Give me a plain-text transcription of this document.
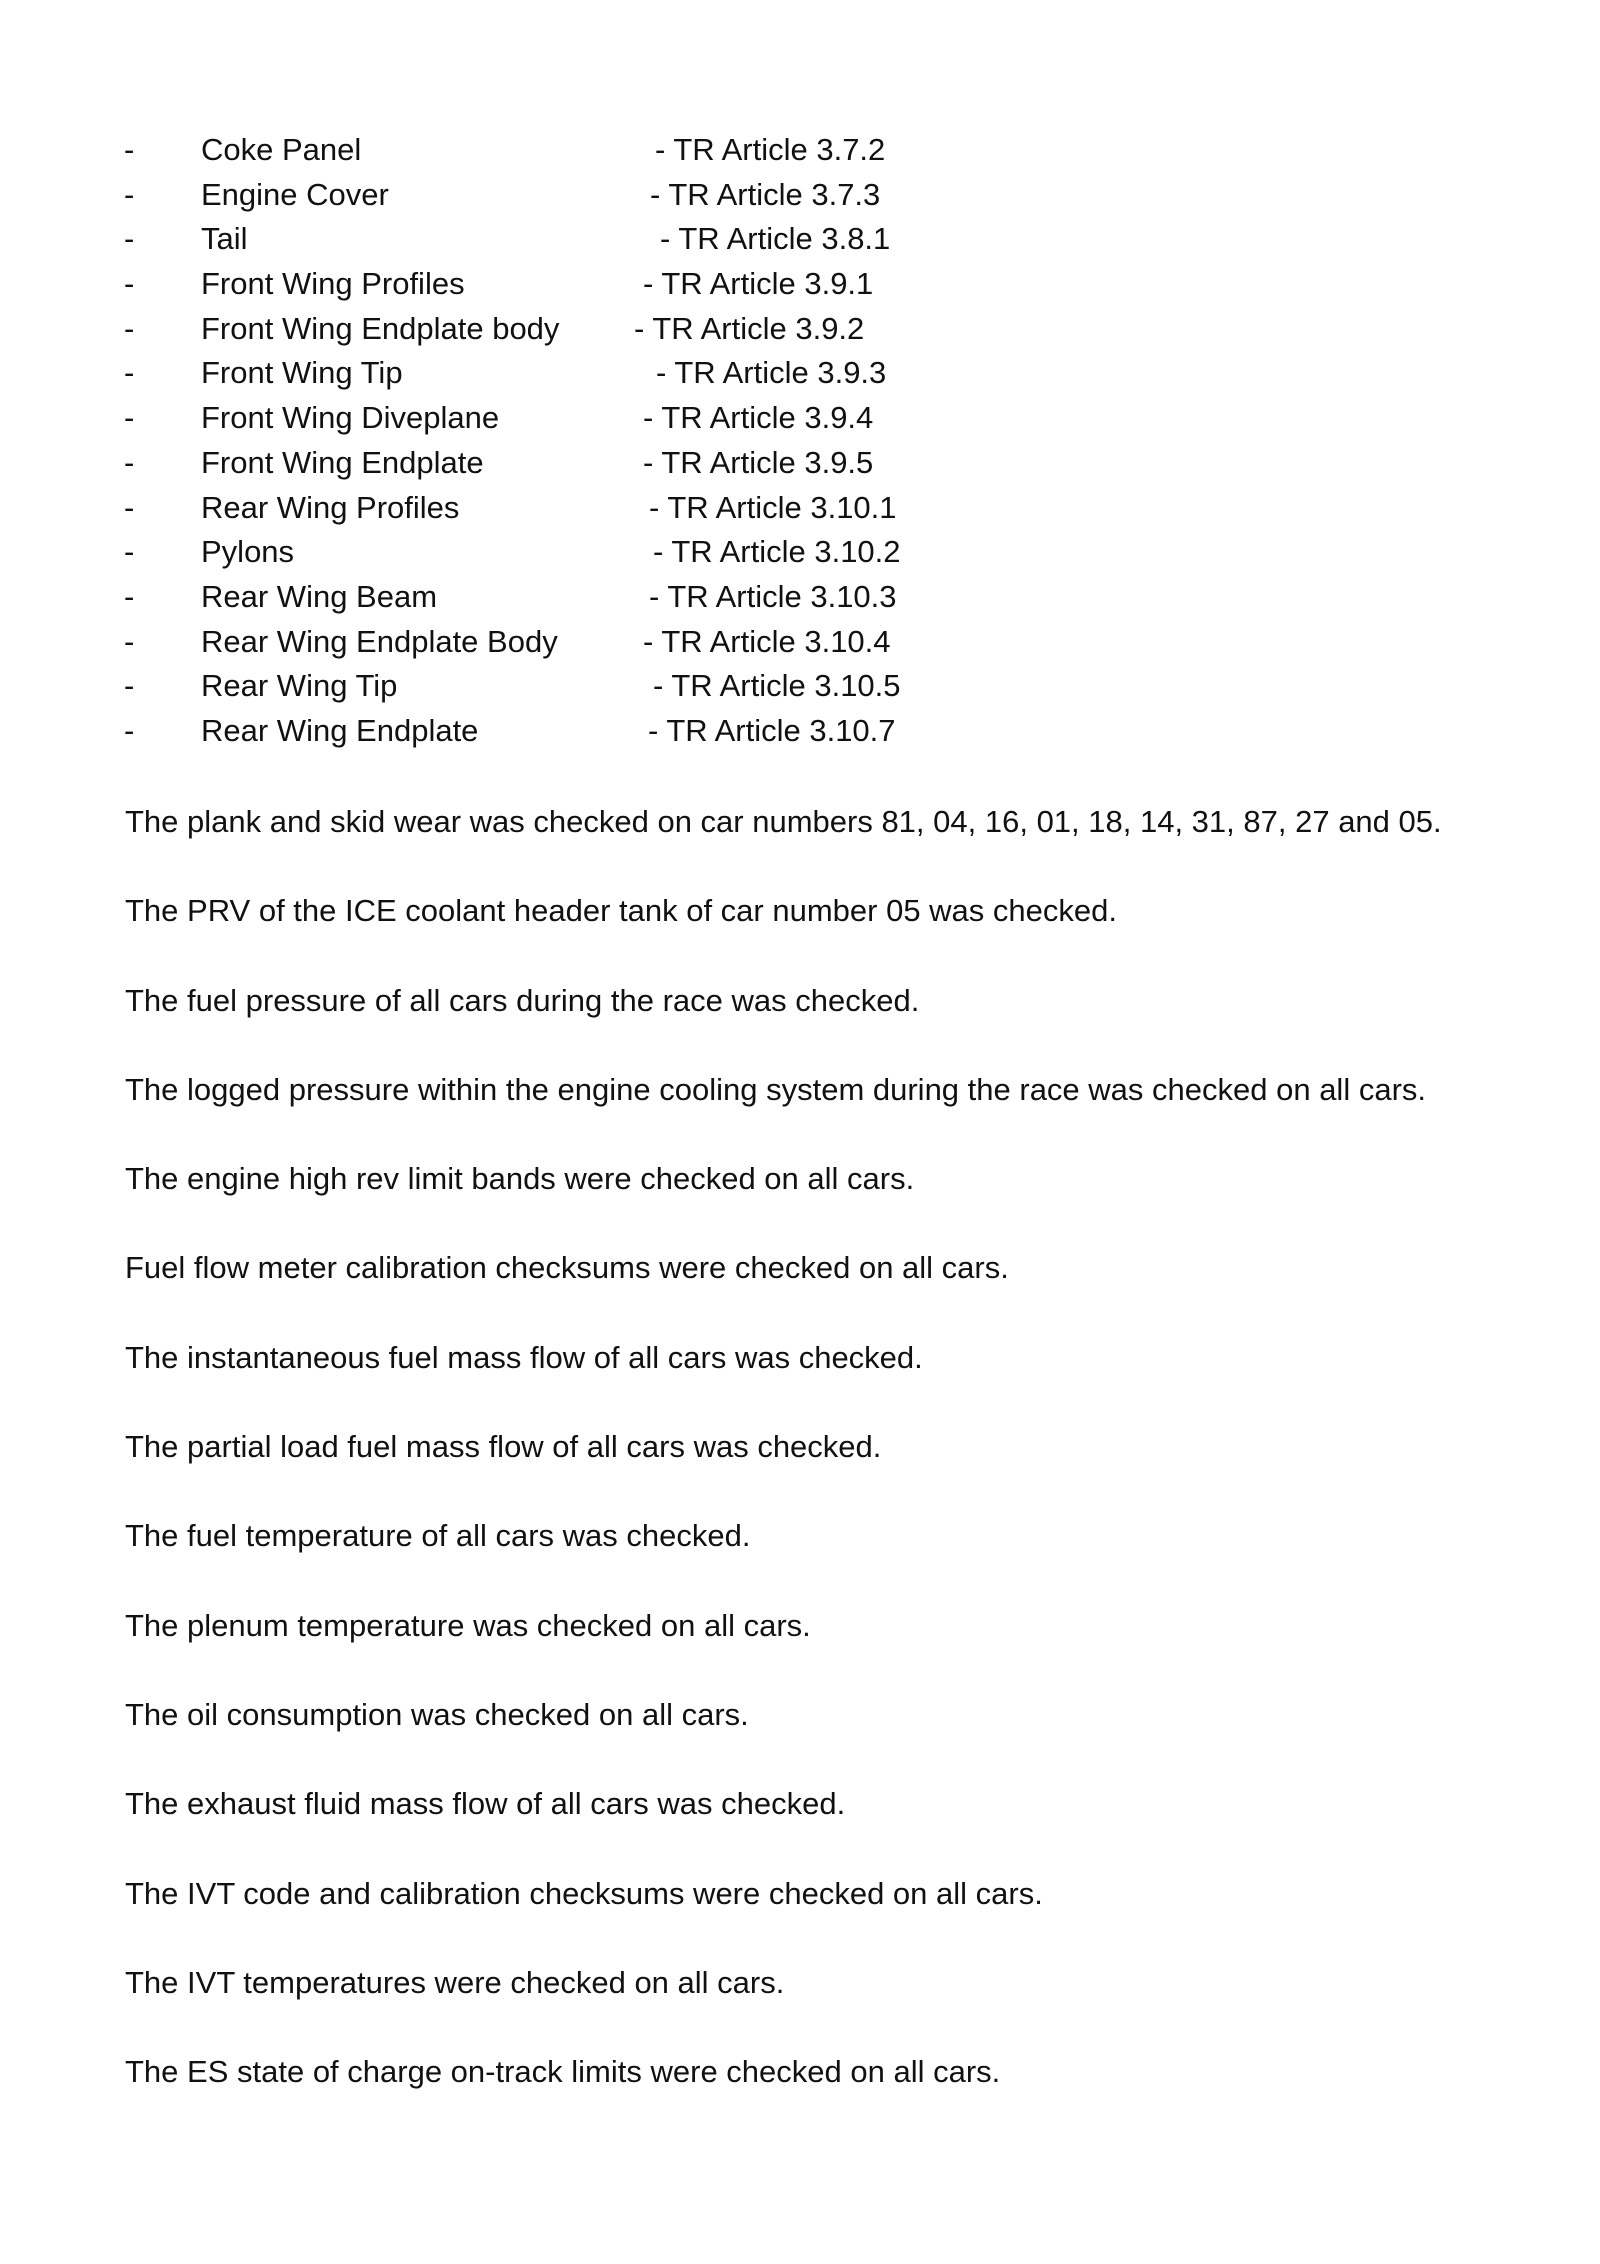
- Coke Panel	- TR Article 3.7.2
- Engine Cover	- TR Article 3.7.3
- Tail	- TR Article 3.8.1
- Front Wing Profiles	- TR Article 3.9.1
- Front Wing Endplate body - TR Article 3.9.2
- Front Wing Tip	- TR Article 3.9.3
- Front Wing Diveplane	- TR Article 3.9.4
- Front Wing Endplate	- TR Article 3.9.5
- Rear Wing Profiles	- TR Article 3.10.1
- Pylons	- TR Article 3.10.2
- Rear Wing Beam	- TR Article 3.10.3
- Rear Wing Endplate Body	- TR Article 3.10.4
- Rear Wing Tip	- TR Article 3.10.5
- Rear Wing Endplate	- TR Article 3.10.7
The plank and skid wear was checked on car numbers 81, 04, 16, 01, 18, 14, 31, 87, 27 and 05.
The PRV of the ICE coolant header tank of car number 05 was checked.
The fuel pressure of all cars during the race was checked.
The logged pressure within the engine cooling system during the race was checked on all cars.
The engine high rev limit bands were checked on all cars.
Fuel flow meter calibration checksums were checked on all cars.
The instantaneous fuel mass flow of all cars was checked.
The partial load fuel mass flow of all cars was checked.
The fuel temperature of all cars was checked.
The plenum temperature was checked on all cars.
The oil consumption was checked on all cars.
The exhaust fluid mass flow of all cars was checked.
The IVT code and calibration checksums were checked on all cars.
The IVT temperatures were checked on all cars.
The ES state of charge on-track limits were checked on all cars.
